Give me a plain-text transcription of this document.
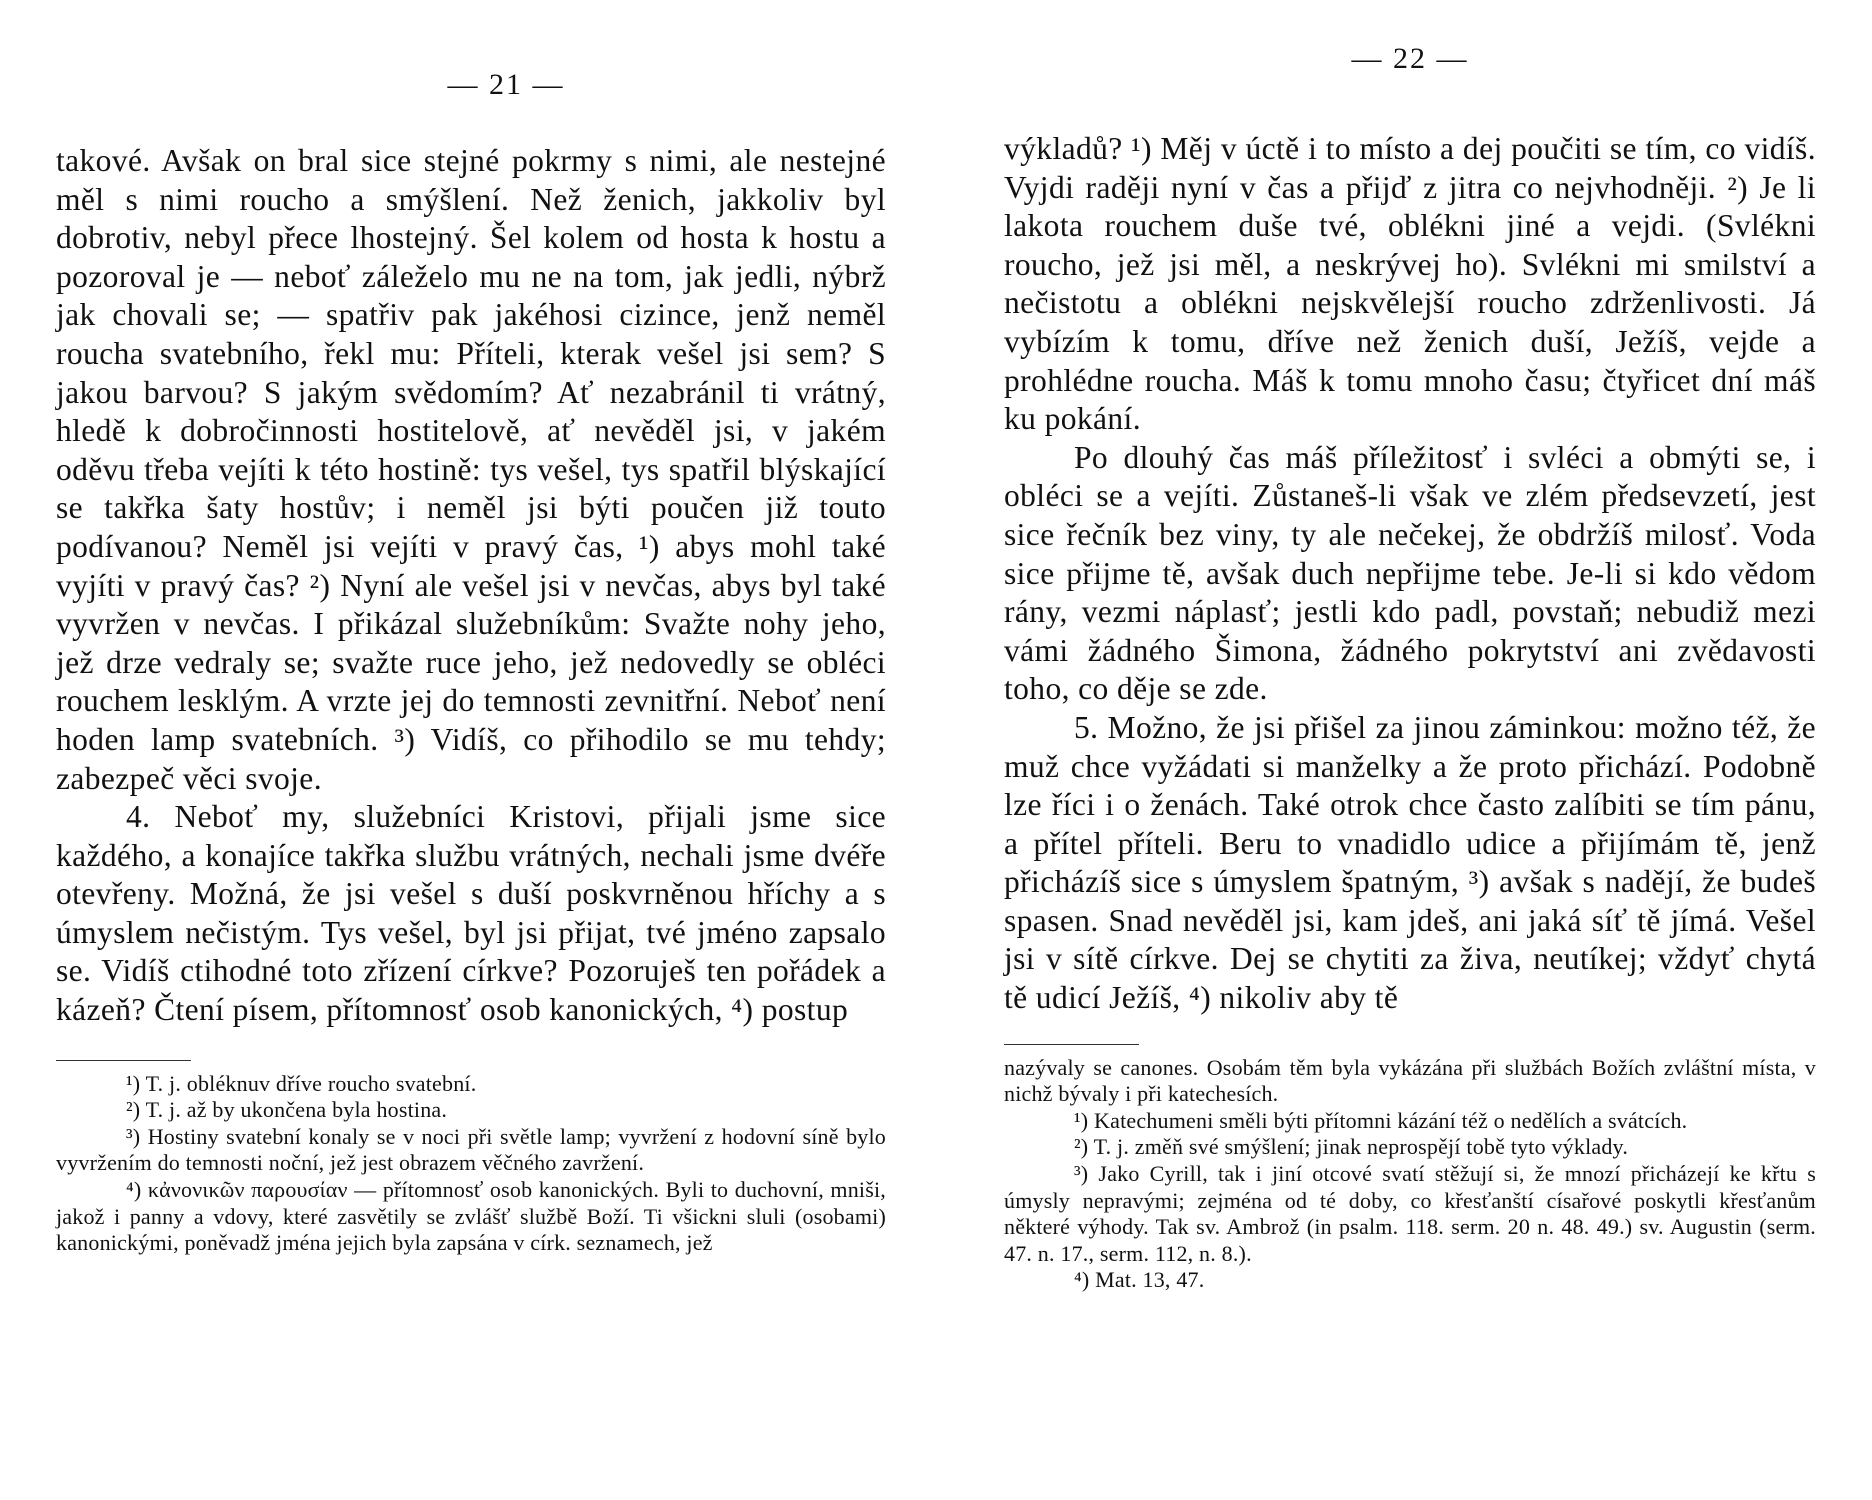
— 21 —

takové. Avšak on bral sice stejné pokrmy s nimi, ale nestejné měl s nimi roucho a smýšlení. Než ženich, jakkoliv byl dobrotiv, nebyl přece lhostejný. Šel kolem od hosta k hostu a pozoroval je — neboť záleželo mu ne na tom, jak jedli, nýbrž jak chovali se; — spatřiv pak jakéhosi cizince, jenž neměl roucha svatebního, řekl mu: Příteli, kterak vešel jsi sem? S jakou barvou? S jakým svědomím? Ať nezabránil ti vrátný, hledě k dobročinnosti hostitelově, ať nevěděl jsi, v jakém oděvu třeba vejíti k této hostině: tys vešel, tys spatřil blýskající se takřka šaty hostův; i neměl jsi býti poučen již touto podívanou? Neměl jsi vejíti v pravý čas, ¹) abys mohl také vyjíti v pravý čas? ²) Nyní ale vešel jsi v nevčas, abys byl také vyvržen v nevčas. I přikázal služebníkům: Svažte nohy jeho, jež drze vedraly se; svažte ruce jeho, jež nedovedly se obléci rouchem lesklým. A vrzte jej do temnosti zevnitřní. Neboť není hoden lamp svatebních. ³) Vidíš, co přihodilo se mu tehdy; zabezpeč věci svoje.

4. Neboť my, služebníci Kristovi, přijali jsme sice každého, a konajíce takřka službu vrátných, nechali jsme dvéře otevřeny. Možná, že jsi vešel s duší poskvrněnou hříchy a s úmyslem nečistým. Tys vešel, byl jsi přijat, tvé jméno zapsalo se. Vidíš ctihodné toto zřízení církve? Pozoruješ ten pořádek a kázeň? Čtení písem, přítomnosť osob kanonických, ⁴) postup

¹) T. j. obléknuv dříve roucho svatební.

²) T. j. až by ukončena byla hostina.

³) Hostiny svatební konaly se v noci při světle lamp; vyvržení z hodovní síně bylo vyvržením do temnosti noční, jež jest obrazem věčného zavržení.

⁴) κἀνονικῶν παρουσίαν — přítomnosť osob kanonických. Byli to duchovní, mniši, jakož i panny a vdovy, které zasvětily se zvlášť službě Boží. Ti všickni sluli (osobami) kanonickými, poněvadž jména jejich byla zapsána v círk. seznamech, jež

— 22 —

výkladů? ¹) Měj v úctě i to místo a dej poučiti se tím, co vidíš. Vyjdi raději nyní v čas a přijď z jitra co nejvhodněji. ²) Je li lakota rouchem duše tvé, oblékni jiné a vejdi. (Svlékni roucho, jež jsi měl, a neskrývej ho). Svlékni mi smilství a nečistotu a oblékni nejskvělejší roucho zdrženlivosti. Já vybízím k tomu, dříve než ženich duší, Ježíš, vejde a prohlédne roucha. Máš k tomu mnoho času; čtyřicet dní máš ku pokání.

Po dlouhý čas máš příležitosť i svléci a obmýti se, i obléci se a vejíti. Zůstaneš-li však ve zlém předsevzetí, jest sice řečník bez viny, ty ale nečekej, že obdržíš milosť. Voda sice přijme tě, avšak duch nepřijme tebe. Je-li si kdo vědom rány, vezmi náplasť; jestli kdo padl, povstaň; nebudiž mezi vámi žádného Šimona, žádného pokrytství ani zvědavosti toho, co děje se zde.

5. Možno, že jsi přišel za jinou záminkou: možno též, že muž chce vyžádati si manželky a že proto přichází. Podobně lze říci i o ženách. Také otrok chce často zalíbiti se tím pánu, a přítel příteli. Beru to vnadidlo udice a přijímám tě, jenž přicházíš sice s úmyslem špatným, ³) avšak s nadějí, že budeš spasen. Snad nevěděl jsi, kam jdeš, ani jaká síť tě jímá. Vešel jsi v sítě církve. Dej se chytiti za živa, neutíkej; vždyť chytá tě udicí Ježíš, ⁴) nikoliv aby tě

nazývaly se canones. Osobám těm byla vykázána při službách Božích zvláštní místa, v nichž bývaly i při katechesích.

¹) Katechumeni směli býti přítomni kázání též o nedělích a svátcích.

²) T. j. změň své smýšlení; jinak neprospějí tobě tyto výklady.

³) Jako Cyrill, tak i jiní otcové svatí stěžují si, že mnozí přicházejí ke křtu s úmysly nepravými; zejména od té doby, co křesťanští císařové poskytli křesťanům některé výhody. Tak sv. Ambrož (in psalm. 118. serm. 20 n. 48. 49.) sv. Augustin (serm. 47. n. 17., serm. 112, n. 8.).

⁴) Mat. 13, 47.
